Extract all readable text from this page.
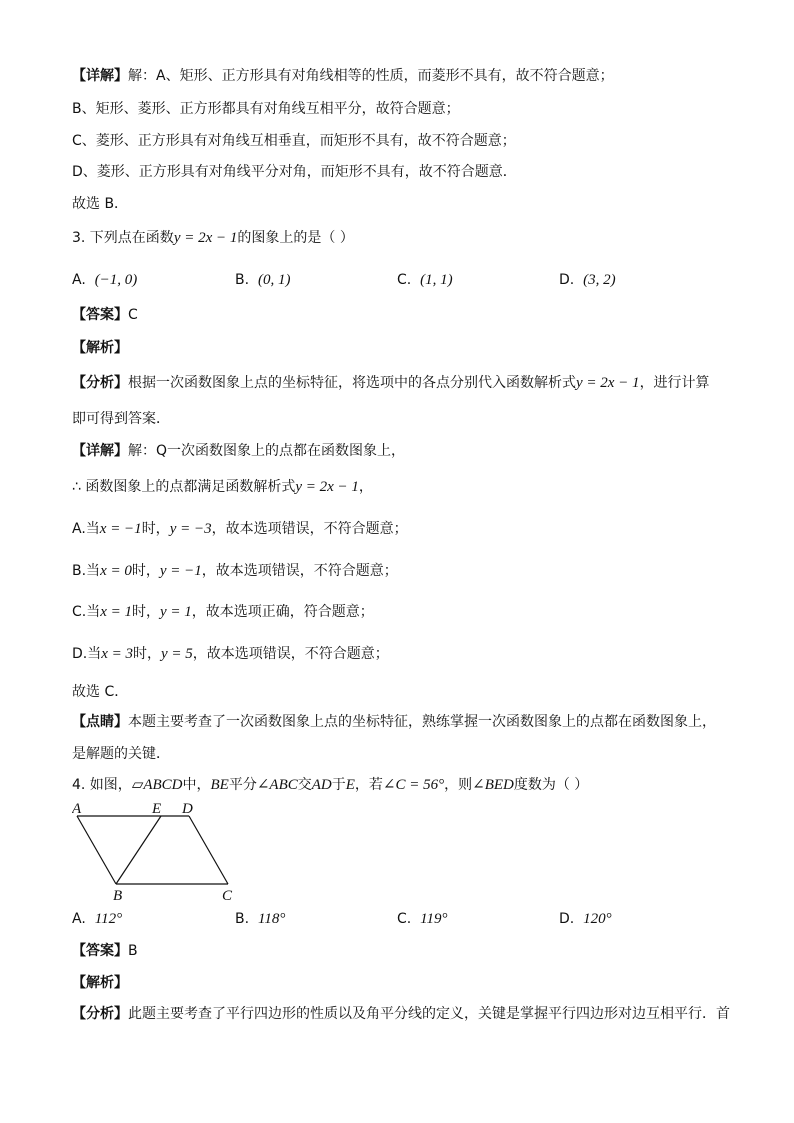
【详解】解：A、矩形、正方形具有对角线相等的性质，而菱形不具有，故不符合题意；
B、矩形、菱形、正方形都具有对角线互相平分，故符合题意；
C、菱形、正方形具有对角线互相垂直，而矩形不具有，故不符合题意；
D、菱形、正方形具有对角线平分对角，而矩形不具有，故不符合题意．
故选 B．
3. 下列点在函数y = 2x − 1的图象上的是（ ）
A. (−1, 0)	B. (0, 1)	C. (1, 1)	D. (3, 2)
【答案】C
【解析】
【分析】根据一次函数图象上点的坐标特征，将选项中的各点分别代入函数解析式y = 2x − 1，进行计算
即可得到答案．
【详解】解：Q一次函数图象上的点都在函数图象上，
∴ 函数图象上的点都满足函数解析式y = 2x − 1，
A.当x = −1时，y = −3，故本选项错误，不符合题意；
B.当x = 0时，y = −1，故本选项错误，不符合题意；
C.当x = 1时，y = 1，故本选项正确，符合题意；
D.当x = 3时，y = 5，故本选项错误，不符合题意；
故选 C．
【点睛】本题主要考查了一次函数图象上点的坐标特征，熟练掌握一次函数图象上的点都在函数图象上，
是解题的关键．
4. 如图，▱ABCD中，BE平分∠ABC交AD于E，若∠C = 56°，则∠BED度数为（ ）
A	E D
B	C
A. 112°	B. 118°	C. 119°	D. 120°
【答案】B
【解析】
【分析】此题主要考查了平行四边形的性质以及角平分线的定义，关键是掌握平行四边形对边互相平行．首
